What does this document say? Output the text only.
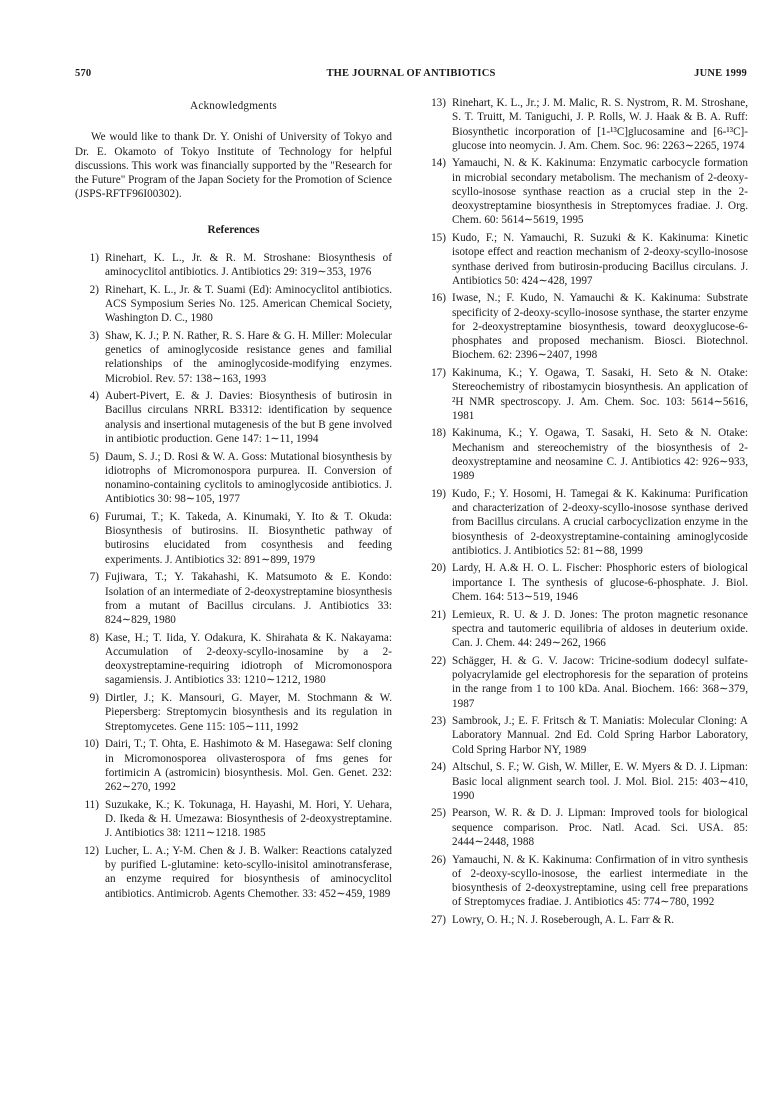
570	THE JOURNAL OF ANTIBIOTICS	JUNE 1999
Acknowledgments

We would like to thank Dr. Y. Onishi of University of Tokyo and Dr. E. Okamoto of Tokyo Institute of Technology for helpful discussions. This work was financially supported by the "Research for the Future" Program of the Japan Society for the Promotion of Science (JSPS-RFTF96I00302).

References
1) Rinehart, K. L., Jr. & R. M. Stroshane: Biosynthesis of aminocyclitol antibiotics. J. Antibiotics 29: 319∼353, 1976
2) Rinehart, K. L., Jr. & T. Suami (Ed): Aminocyclitol antibiotics. ACS Symposium Series No. 125. American Chemical Society, Washington D. C., 1980
3) Shaw, K. J.; P. N. Rather, R. S. Hare & G. H. Miller: Molecular genetics of aminoglycoside resistance genes and familial relationships of the aminoglycoside-modifying enzymes. Microbiol. Rev. 57: 138∼163, 1993
4) Aubert-Pivert, E. & J. Davies: Biosynthesis of butirosin in Bacillus circulans NRRL B3312: identification by sequence analysis and insertional mutagenesis of the but B gene involved in antibiotic production. Gene 147: 1∼11, 1994
5) Daum, S. J.; D. Rosi & W. A. Goss: Mutational biosynthesis by idiotrophs of Micromonospora purpurea. II. Conversion of nonamino-containing cyclitols to aminoglycoside antibiotics. J. Antibiotics 30: 98∼105, 1977
6) Furumai, T.; K. Takeda, A. Kinumaki, Y. Ito & T. Okuda: Biosynthesis of butirosins. II. Biosynthetic pathway of butirosins elucidated from cosynthesis and feeding experiments. J. Antibiotics 32: 891∼899, 1979
7) Fujiwara, T.; Y. Takahashi, K. Matsumoto & E. Kondo: Isolation of an intermediate of 2-deoxystreptamine biosynthesis from a mutant of Bacillus circulans. J. Antibiotics 33: 824∼829, 1980
8) Kase, H.; T. Iida, Y. Odakura, K. Shirahata & K. Nakayama: Accumulation of 2-deoxy-scyllo-inosamine by a 2-deoxystreptamine-requiring idiotroph of Micromonospora sagamiensis. J. Antibiotics 33: 1210∼1212, 1980
9) Dirtler, J.; K. Mansouri, G. Mayer, M. Stochmann & W. Piepersberg: Streptomycin biosynthesis and its regulation in Streptomycetes. Gene 115: 105∼111, 1992
10) Dairi, T.; T. Ohta, E. Hashimoto & M. Hasegawa: Self cloning in Micromonosporea olivasterospora of fms genes for fortimicin A (astromicin) biosynthesis. Mol. Gen. Genet. 232: 262∼270, 1992
11) Suzukake, K.; K. Tokunaga, H. Hayashi, M. Hori, Y. Uehara, D. Ikeda & H. Umezawa: Biosynthesis of 2-deoxystreptamine. J. Antibiotics 38: 1211∼1218. 1985
12) Lucher, L. A.; Y-M. Chen & J. B. Walker: Reactions catalyzed by purified L-glutamine: keto-scyllo-inisitol aminotransferase, an enzyme required for biosynthesis of aminocyclitol antibiotics. Antimicrob. Agents Chemother. 33: 452∼459, 1989
13) Rinehart, K. L., Jr.; J. M. Malic, R. S. Nystrom, R. M. Stroshane, S. T. Truitt, M. Taniguchi, J. P. Rolls, W. J. Haak & B. A. Ruff: Biosynthetic incorporation of [1-¹³C]glucosamine and [6-¹³C]-glucose into neomycin. J. Am. Chem. Soc. 96: 2263∼2265, 1974
14) Yamauchi, N. & K. Kakinuma: Enzymatic carbocycle formation in microbial secondary metabolism. The mechanism of 2-deoxy-scyllo-inosose synthase reaction as a crucial step in the 2-deoxystreptamine biosynthesis in Streptomyces fradiae. J. Org. Chem. 60: 5614∼5619, 1995
15) Kudo, F.; N. Yamauchi, R. Suzuki & K. Kakinuma: Kinetic isotope effect and reaction mechanism of 2-deoxy-scyllo-inosose synthase derived from butirosin-producing Bacillus circulans. J. Antibiotics 50: 424∼428, 1997
16) Iwase, N.; F. Kudo, N. Yamauchi & K. Kakinuma: Substrate specificity of 2-deoxy-scyllo-inosose synthase, the starter enzyme for 2-deoxystreptamine biosynthesis, toward deoxyglucose-6-phosphates and proposed mechanism. Biosci. Biotechnol. Biochem. 62: 2396∼2407, 1998
17) Kakinuma, K.; Y. Ogawa, T. Sasaki, H. Seto & N. Otake: Stereochemistry of ribostamycin biosynthesis. An application of ²H NMR spectroscopy. J. Am. Chem. Soc. 103: 5614∼5616, 1981
18) Kakinuma, K.; Y. Ogawa, T. Sasaki, H. Seto & N. Otake: Mechanism and stereochemistry of the biosynthesis of 2-deoxystreptamine and neosamine C. J. Antibiotics 42: 926∼933, 1989
19) Kudo, F.; Y. Hosomi, H. Tamegai & K. Kakinuma: Purification and characterization of 2-deoxy-scyllo-inosose synthase derived from Bacillus circulans. A crucial carbocyclization enzyme in the biosynthesis of 2-deoxystreptamine-containing aminoglycoside antibiotics. J. Antibiotics 52: 81∼88, 1999
20) Lardy, H. A.& H. O. L. Fischer: Phosphoric esters of biological importance I. The synthesis of glucose-6-phosphate. J. Biol. Chem. 164: 513∼519, 1946
21) Lemieux, R. U. & J. D. Jones: The proton magnetic resonance spectra and tautomeric equilibria of aldoses in deuterium oxide. Can. J. Chem. 44: 249∼262, 1966
22) Schägger, H. & G. V. Jacow: Tricine-sodium dodecyl sulfate-polyacrylamide gel electrophoresis for the separation of proteins in the range from 1 to 100 kDa. Anal. Biochem. 166: 368∼379, 1987
23) Sambrook, J.; E. F. Fritsch & T. Maniatis: Molecular Cloning: A Laboratory Mannual. 2nd Ed. Cold Spring Harbor Laboratory, Cold Spring Harbor NY, 1989
24) Altschul, S. F.; W. Gish, W. Miller, E. W. Myers & D. J. Lipman: Basic local alignment search tool. J. Mol. Biol. 215: 403∼410, 1990
25) Pearson, W. R. & D. J. Lipman: Improved tools for biological sequence comparison. Proc. Natl. Acad. Sci. USA. 85: 2444∼2448, 1988
26) Yamauchi, N. & K. Kakinuma: Confirmation of in vitro synthesis of 2-deoxy-scyllo-inosose, the earliest intermediate in the biosynthesis of 2-deoxystreptamine, using cell free preparations of Streptomyces fradiae. J. Antibiotics 45: 774∼780, 1992
27) Lowry, O. H.; N. J. Roseberough, A. L. Farr & R.
